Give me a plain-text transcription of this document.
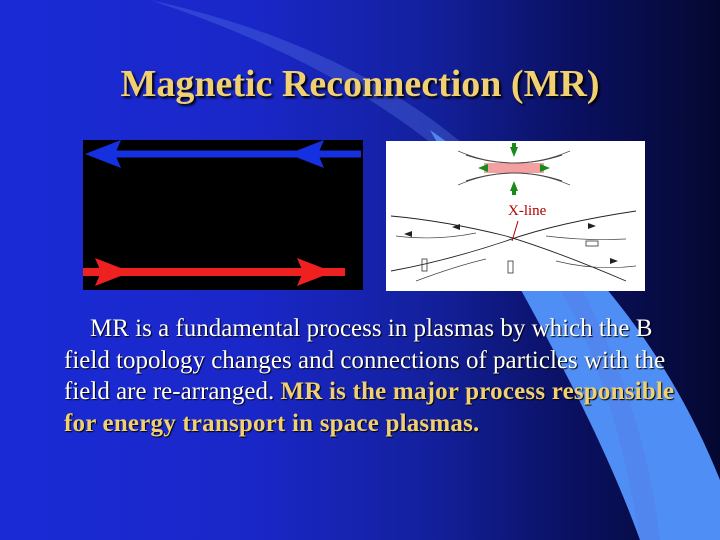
Magnetic Reconnection (MR)
X-line
MR is a fundamental process in plasmas by which the B field topology changes and connections of particles with the field are re-arranged. MR is the major process responsible for energy transport in space plasmas.
